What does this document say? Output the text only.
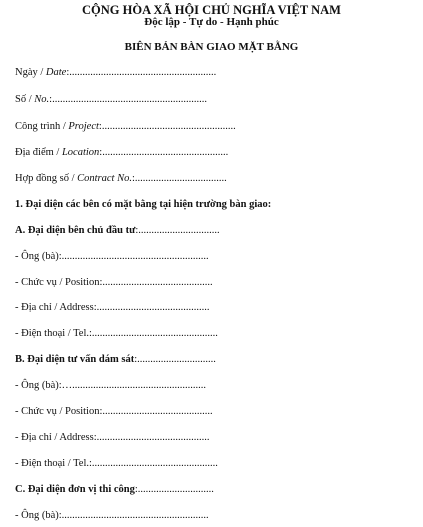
CỘNG HÒA XÃ HỘI CHỦ NGHĨA VIỆT NAM
Độc lập - Tự do - Hạnh phúc
BIÊN BẢN BÀN GIAO MẶT BẰNG
Ngày / Date:........................................................
Số / No.:...........................................................
Công trình / Project:...................................................
Địa điểm / Location:................................................
Hợp đồng số / Contract No.:...................................
1. Đại diện các bên có mặt bằng tại hiện trường bàn giao:
A. Đại diện bên chủ đầu tư:...............................
- Ông (bà):........................................................
- Chức vụ / Position:..........................................
- Địa chỉ / Address:...........................................
- Điện thoại / Tel.:................................................
B. Đại diện tư vấn dám sát:..............................
- Ông (bà):…...................................................
- Chức vụ / Position:..........................................
- Địa chỉ / Address:...........................................
- Điện thoại / Tel.:................................................
C. Đại diện đơn vị thi công:.............................
- Ông (bà):........................................................
